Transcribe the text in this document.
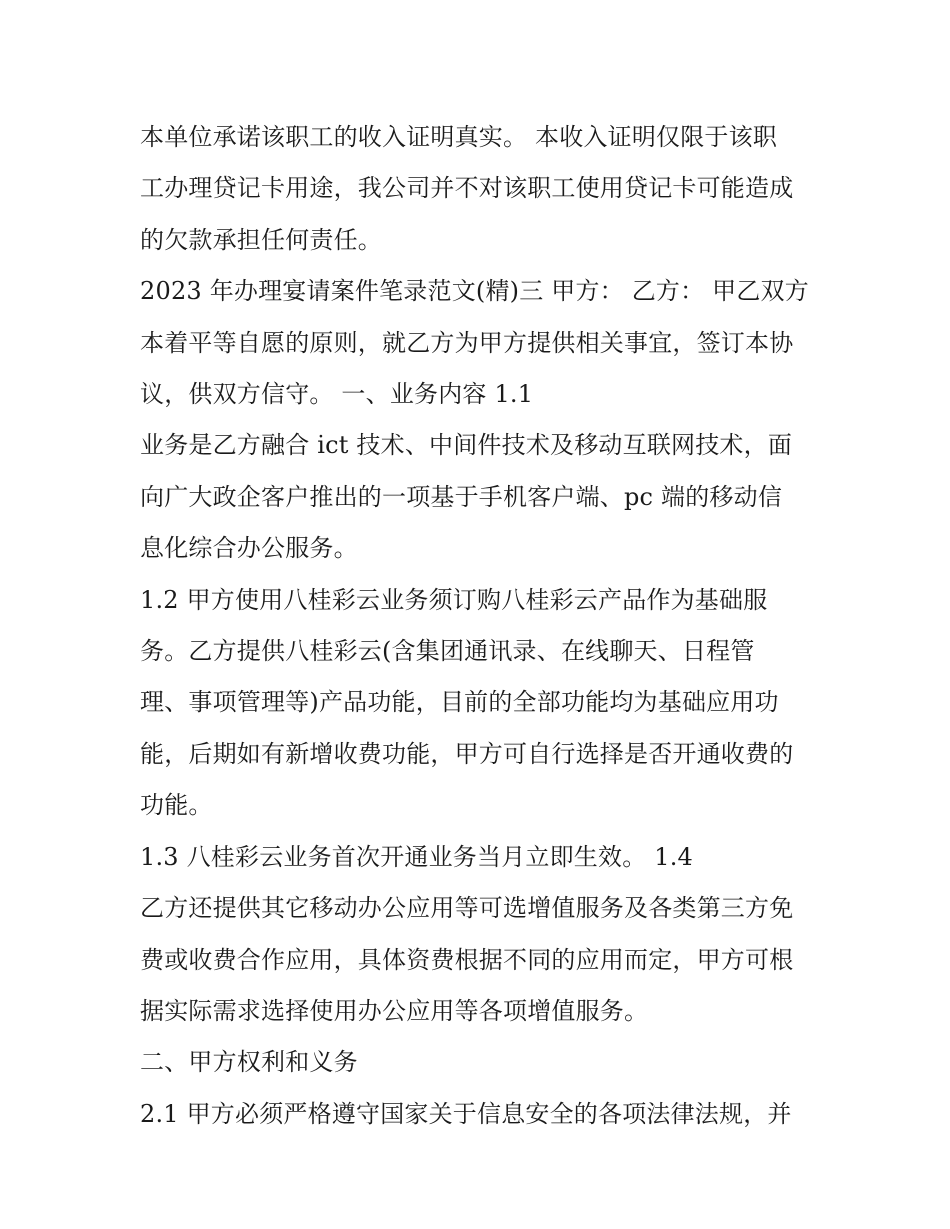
本单位承诺该职工的收入证明真实。 本收入证明仅限于该职
工办理贷记卡用途，我公司并不对该职工使用贷记卡可能造成
的欠款承担任何责任。
2023 年办理宴请案件笔录范文(精)三 甲方： 乙方： 甲乙双方
本着平等自愿的原则，就乙方为甲方提供相关事宜，签订本协
议，供双方信守。 一、业务内容 1.1
业务是乙方融合 ict 技术、中间件技术及移动互联网技术，面
向广大政企客户推出的一项基于手机客户端、pc 端的移动信
息化综合办公服务。
1.2 甲方使用八桂彩云业务须订购八桂彩云产品作为基础服
务。乙方提供八桂彩云(含集团通讯录、在线聊天、日程管
理、事项管理等)产品功能，目前的全部功能均为基础应用功
能，后期如有新增收费功能，甲方可自行选择是否开通收费的
功能。
1.3 八桂彩云业务首次开通业务当月立即生效。 1.4
乙方还提供其它移动办公应用等可选增值服务及各类第三方免
费或收费合作应用，具体资费根据不同的应用而定，甲方可根
据实际需求选择使用办公应用等各项增值服务。
二、甲方权利和义务
2.1 甲方必须严格遵守国家关于信息安全的各项法律法规，并
